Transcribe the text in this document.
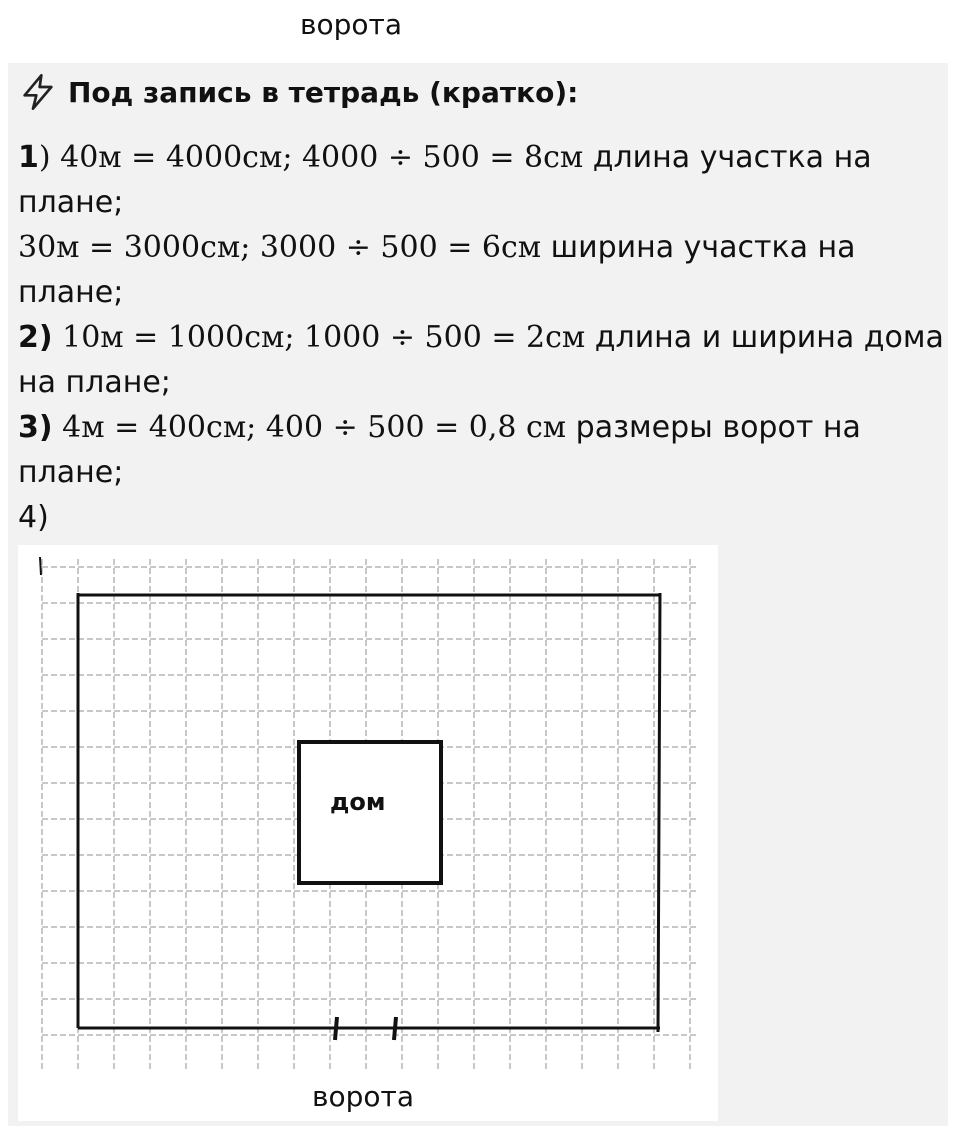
ворота
Под запись в тетрадь (кратко):
1) 40м = 4000см; 4000 ÷ 500 = 8см длина участка на
плане;
30м = 3000см; 3000 ÷ 500 = 6см ширина участка на
плане;
2) 10м = 1000см; 1000 ÷ 500 = 2см длина и ширина дома
на плане;
3) 4м = 400см; 400 ÷ 500 = 0,8 см размеры ворот на
плане;
4)
дом
ворота
